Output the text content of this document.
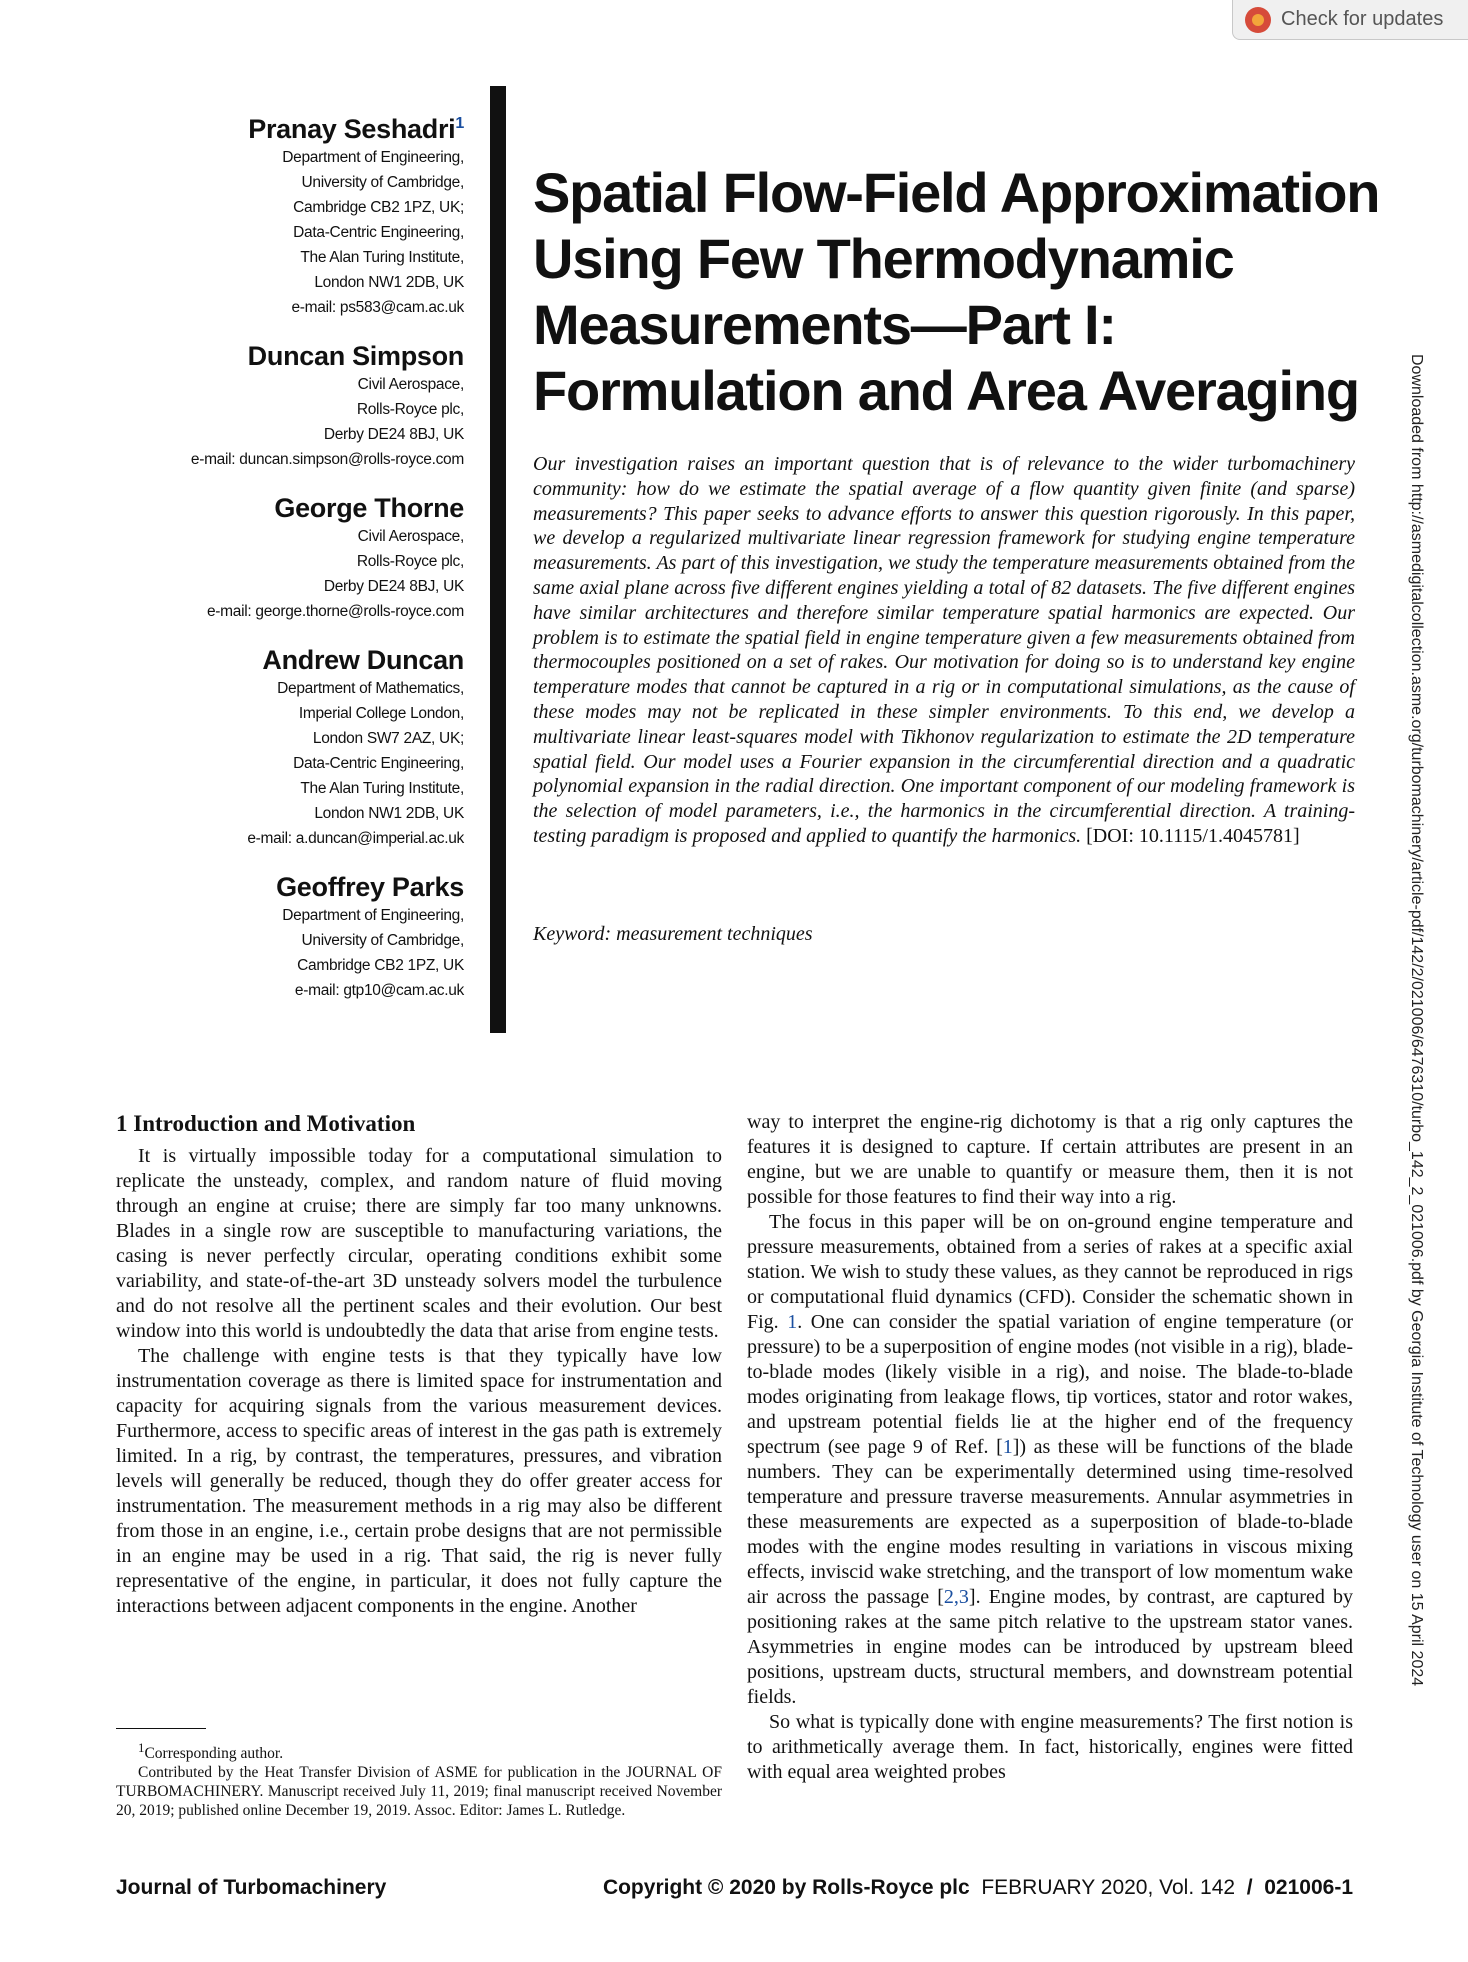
Check for updates
Pranay Seshadri$^1$
Department of Engineering,
University of Cambridge,
Cambridge CB2 1PZ, UK;
Data-Centric Engineering,
The Alan Turing Institute,
London NW1 2DB, UK
e-mail: ps583@cam.ac.uk
Duncan Simpson
Civil Aerospace,
Rolls-Royce plc,
Derby DE24 8BJ, UK
e-mail: duncan.simpson@rolls-royce.com
George Thorne
Civil Aerospace,
Rolls-Royce plc,
Derby DE24 8BJ, UK
e-mail: george.thorne@rolls-royce.com
Andrew Duncan
Department of Mathematics,
Imperial College London,
London SW7 2AZ, UK;
Data-Centric Engineering,
The Alan Turing Institute,
London NW1 2DB, UK
e-mail: a.duncan@imperial.ac.uk
Geoffrey Parks
Department of Engineering,
University of Cambridge,
Cambridge CB2 1PZ, UK
e-mail: gtp10@cam.ac.uk
Spatial Flow-Field Approximation Using Few Thermodynamic Measurements—Part I: Formulation and Area Averaging

Our investigation raises an important question that is of relevance to the wider turbomachinery community: how do we estimate the spatial average of a flow quantity given finite (and sparse) measurements? This paper seeks to advance efforts to answer this question rigorously. In this paper, we develop a regularized multivariate linear regression framework for studying engine temperature measurements. As part of this investigation, we study the temperature measurements obtained from the same axial plane across five different engines yielding a total of 82 datasets. The five different engines have similar architectures and therefore similar temperature spatial harmonics are expected. Our problem is to estimate the spatial field in engine temperature given a few measurements obtained from thermocouples positioned on a set of rakes. Our motivation for doing so is to understand key engine temperature modes that cannot be captured in a rig or in computational simulations, as the cause of these modes may not be replicated in these simpler environments. To this end, we develop a multivariate linear least-squares model with Tikhonov regularization to estimate the 2D temperature spatial field. Our model uses a Fourier expansion in the circumferential direction and a quadratic polynomial expansion in the radial direction. One important component of our modeling framework is the selection of model parameters, i.e., the harmonics in the circumferential direction. A training-testing paradigm is proposed and applied to quantify the harmonics. [DOI: 10.1115/1.4045781]

Keyword: measurement techniques
1 Introduction and Motivation

It is virtually impossible today for a computational simulation to replicate the unsteady, complex, and random nature of fluid moving through an engine at cruise; there are simply far too many unknowns. Blades in a single row are susceptible to manufacturing variations, the casing is never perfectly circular, operating conditions exhibit some variability, and state-of-the-art 3D unsteady solvers model the turbulence and do not resolve all the pertinent scales and their evolution. Our best window into this world is undoubtedly the data that arise from engine tests.

The challenge with engine tests is that they typically have low instrumentation coverage as there is limited space for instrumentation and capacity for acquiring signals from the various measurement devices. Furthermore, access to specific areas of interest in the gas path is extremely limited. In a rig, by contrast, the temperatures, pressures, and vibration levels will generally be reduced, though they do offer greater access for instrumentation. The measurement methods in a rig may also be different from those in an engine, i.e., certain probe designs that are not permissible in an engine may be used in a rig. That said, the rig is never fully representative of the engine, in particular, it does not fully capture the interactions between adjacent components in the engine. Another

way to interpret the engine-rig dichotomy is that a rig only captures the features it is designed to capture. If certain attributes are present in an engine, but we are unable to quantify or measure them, then it is not possible for those features to find their way into a rig.

The focus in this paper will be on on-ground engine temperature and pressure measurements, obtained from a series of rakes at a specific axial station. We wish to study these values, as they cannot be reproduced in rigs or computational fluid dynamics (CFD). Consider the schematic shown in Fig. 1. One can consider the spatial variation of engine temperature (or pressure) to be a superposition of engine modes (not visible in a rig), blade-to-blade modes (likely visible in a rig), and noise. The blade-to-blade modes originating from leakage flows, tip vortices, stator and rotor wakes, and upstream potential fields lie at the higher end of the frequency spectrum (see page 9 of Ref. [1]) as these will be functions of the blade numbers. They can be experimentally determined using time-resolved temperature and pressure traverse measurements. Annular asymmetries in these measurements are expected as a superposition of blade-to-blade modes with the engine modes resulting in variations in viscous mixing effects, inviscid wake stretching, and the transport of low momentum wake air across the passage [2,3]. Engine modes, by contrast, are captured by positioning rakes at the same pitch relative to the upstream stator vanes. Asymmetries in engine modes can be introduced by upstream bleed positions, upstream ducts, structural members, and downstream potential fields.

So what is typically done with engine measurements? The first notion is to arithmetically average them. In fact, historically, engines were fitted with equal area weighted probes

$^1$Corresponding author.

Contributed by the Heat Transfer Division of ASME for publication in the JOURNAL OF TURBOMACHINERY. Manuscript received July 11, 2019; final manuscript received November 20, 2019; published online December 19, 2019. Assoc. Editor: James L. Rutledge.

Journal of Turbomachinery	Copyright © 2020 by Rolls-Royce plc FEBRUARY 2020, Vol. 142 / 021006-1
Downloaded from http://asmedigitalcollection.asme.org/turbomachinery/article-pdf/142/2/021006/6476310/turbo_142_2_021006.pdf by Georgia Institute of Technology user on 15 April 2024
